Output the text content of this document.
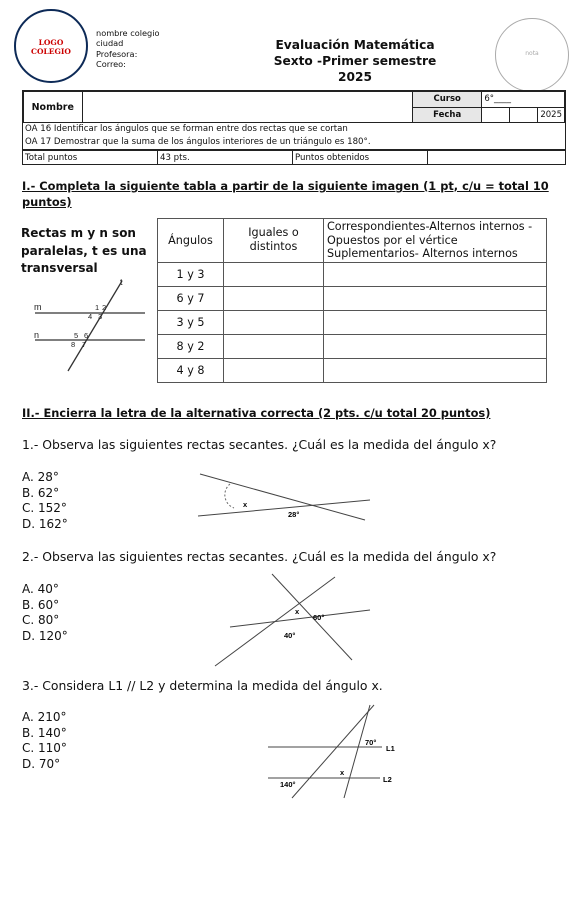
LOGO
COLEGIO
nombre colegio
ciudad
Profesora:
Correo:
Evaluación Matemática
Sexto -Primer semestre
2025
nota
Nombre		Curso	6°____		
		Fecha			2025
OA 16 Identificar los ángulos que se forman entre dos rectas que se cortan
OA 17 Demostrar que la suma de los ángulos interiores de un triángulo es 180°.
Total puntos	43 pts.	Puntos obtenidos	
I.- Completa la siguiente tabla a partir de la siguiente imagen (1 pt, c/u = total 10 puntos)
Rectas m y n son paralelas, t es una transversal
m
n
t
1 2
3
4
5 6
7
8
Ángulos	Iguales o distintos	Correspondientes-Alternos internos -
Opuestos por el vértice
Suplementarios- Alternos internos

1 y 3		
6 y 7		
3 y 5		
8 y 2		
4 y 8		
II.- Encierra la letra de la alternativa correcta (2 pts. c/u total 20 puntos)
1.- Observa las siguientes rectas secantes. ¿Cuál es la medida del ángulo x?
A. 28°
B. 62°
C. 152°
D. 162°
x
28°
2.- Observa las siguientes rectas secantes. ¿Cuál es la medida del ángulo x?
A. 40°
B. 60°
C. 80°
D. 120°
x
60°
40°
3.- Considera L1 // L2 y determina la medida del ángulo x.
A. 210°
B. 140°
C. 110°
D. 70°
70°
L1
x
L2
140°
